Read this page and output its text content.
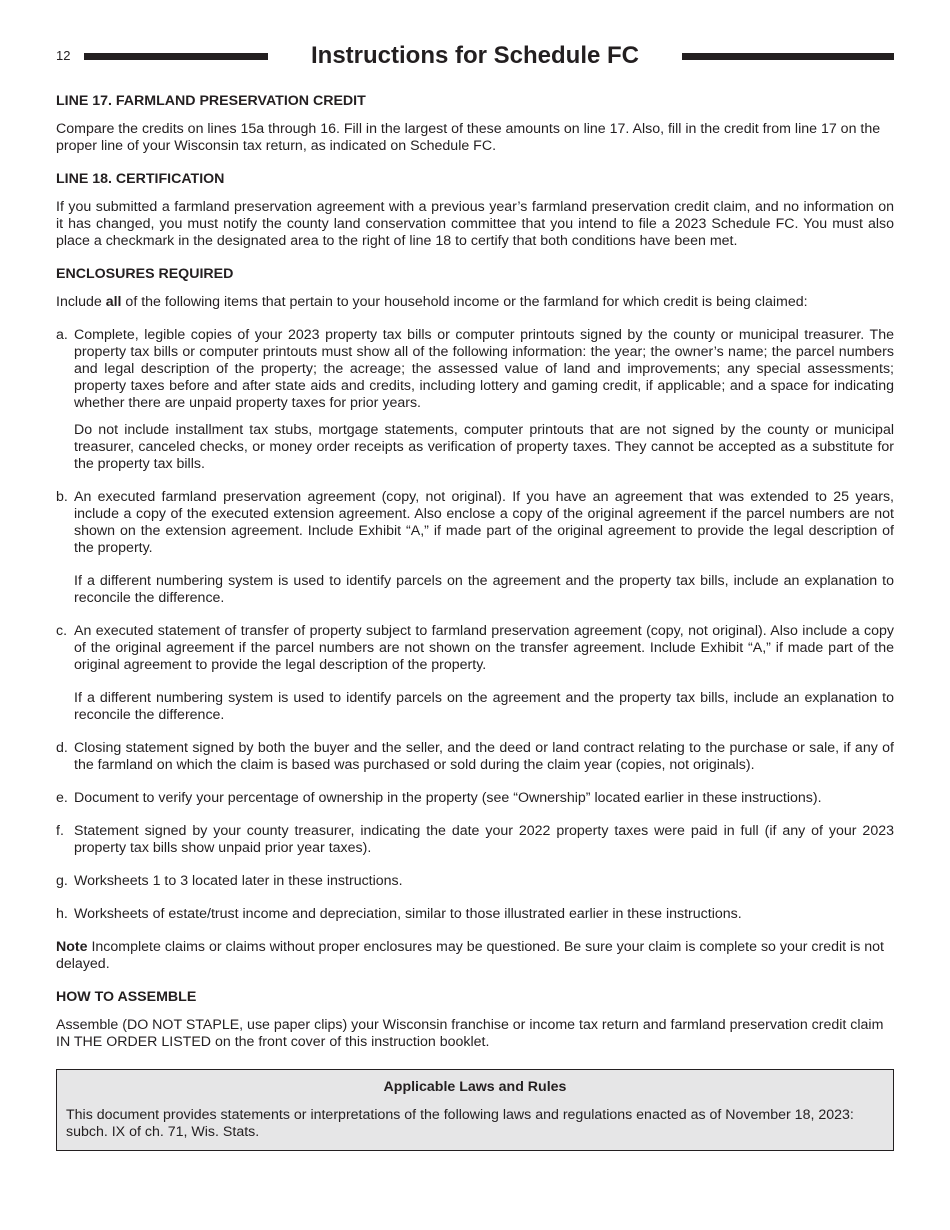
12	Instructions for Schedule FC
LINE 17. FARMLAND PRESERVATION CREDIT

Compare the credits on lines 15a through 16. Fill in the largest of these amounts on line 17. Also, fill in the credit from line 17 on the proper line of your Wisconsin tax return, as indicated on Schedule FC.

LINE 18. CERTIFICATION

If you submitted a farmland preservation agreement with a previous year’s farmland preservation credit claim, and no information on it has changed, you must notify the county land conservation committee that you intend to file a 2023 Schedule FC. You must also place a checkmark in the designated area to the right of line 18 to certify that both conditions have been met.

ENCLOSURES REQUIRED

Include all of the following items that pertain to your household income or the farmland for which credit is being claimed:

a. Complete, legible copies of your 2023 property tax bills or computer printouts signed by the county or municipal treasurer. The property tax bills or computer printouts must show all of the following information: the year; the owner’s name; the parcel numbers and legal description of the property; the acreage; the assessed value of land and improvements; any special assessments; property taxes before and after state aids and credits, including lottery and gaming credit, if applicable; and a space for indicating whether there are unpaid property taxes for prior years.

Do not include installment tax stubs, mortgage statements, computer printouts that are not signed by the county or municipal treasurer, canceled checks, or money order receipts as verification of property taxes. They cannot be accepted as a substitute for the property tax bills.

b. An executed farmland preservation agreement (copy, not original). If you have an agreement that was extended to 25 years, include a copy of the executed extension agreement. Also enclose a copy of the original agreement if the parcel numbers are not shown on the extension agreement. Include Exhibit “A,” if made part of the original agreement to provide the legal description of the property.

If a different numbering system is used to identify parcels on the agreement and the property tax bills, include an explanation to reconcile the difference.

c. An executed statement of transfer of property subject to farmland preservation agreement (copy, not original). Also include a copy of the original agreement if the parcel numbers are not shown on the transfer agreement. Include Exhibit “A,” if made part of the original agreement to provide the legal description of the property.

If a different numbering system is used to identify parcels on the agreement and the property tax bills, include an explanation to reconcile the difference.

d. Closing statement signed by both the buyer and the seller, and the deed or land contract relating to the purchase or sale, if any of the farmland on which the claim is based was purchased or sold during the claim year (copies, not originals).

e. Document to verify your percentage of ownership in the property (see “Ownership” located earlier in these instructions).

f. Statement signed by your county treasurer, indicating the date your 2022 property taxes were paid in full (if any of your 2023 property tax bills show unpaid prior year taxes).

g. Worksheets 1 to 3 located later in these instructions.

h. Worksheets of estate/trust income and depreciation, similar to those illustrated earlier in these instructions.

Note Incomplete claims or claims without proper enclosures may be questioned. Be sure your claim is complete so your credit is not delayed.

HOW TO ASSEMBLE

Assemble (DO NOT STAPLE, use paper clips) your Wisconsin franchise or income tax return and farmland preservation credit claim IN THE ORDER LISTED on the front cover of this instruction booklet.

Applicable Laws and Rules

This document provides statements or interpretations of the following laws and regulations enacted as of November 18, 2023: subch. IX of ch. 71, Wis. Stats.
